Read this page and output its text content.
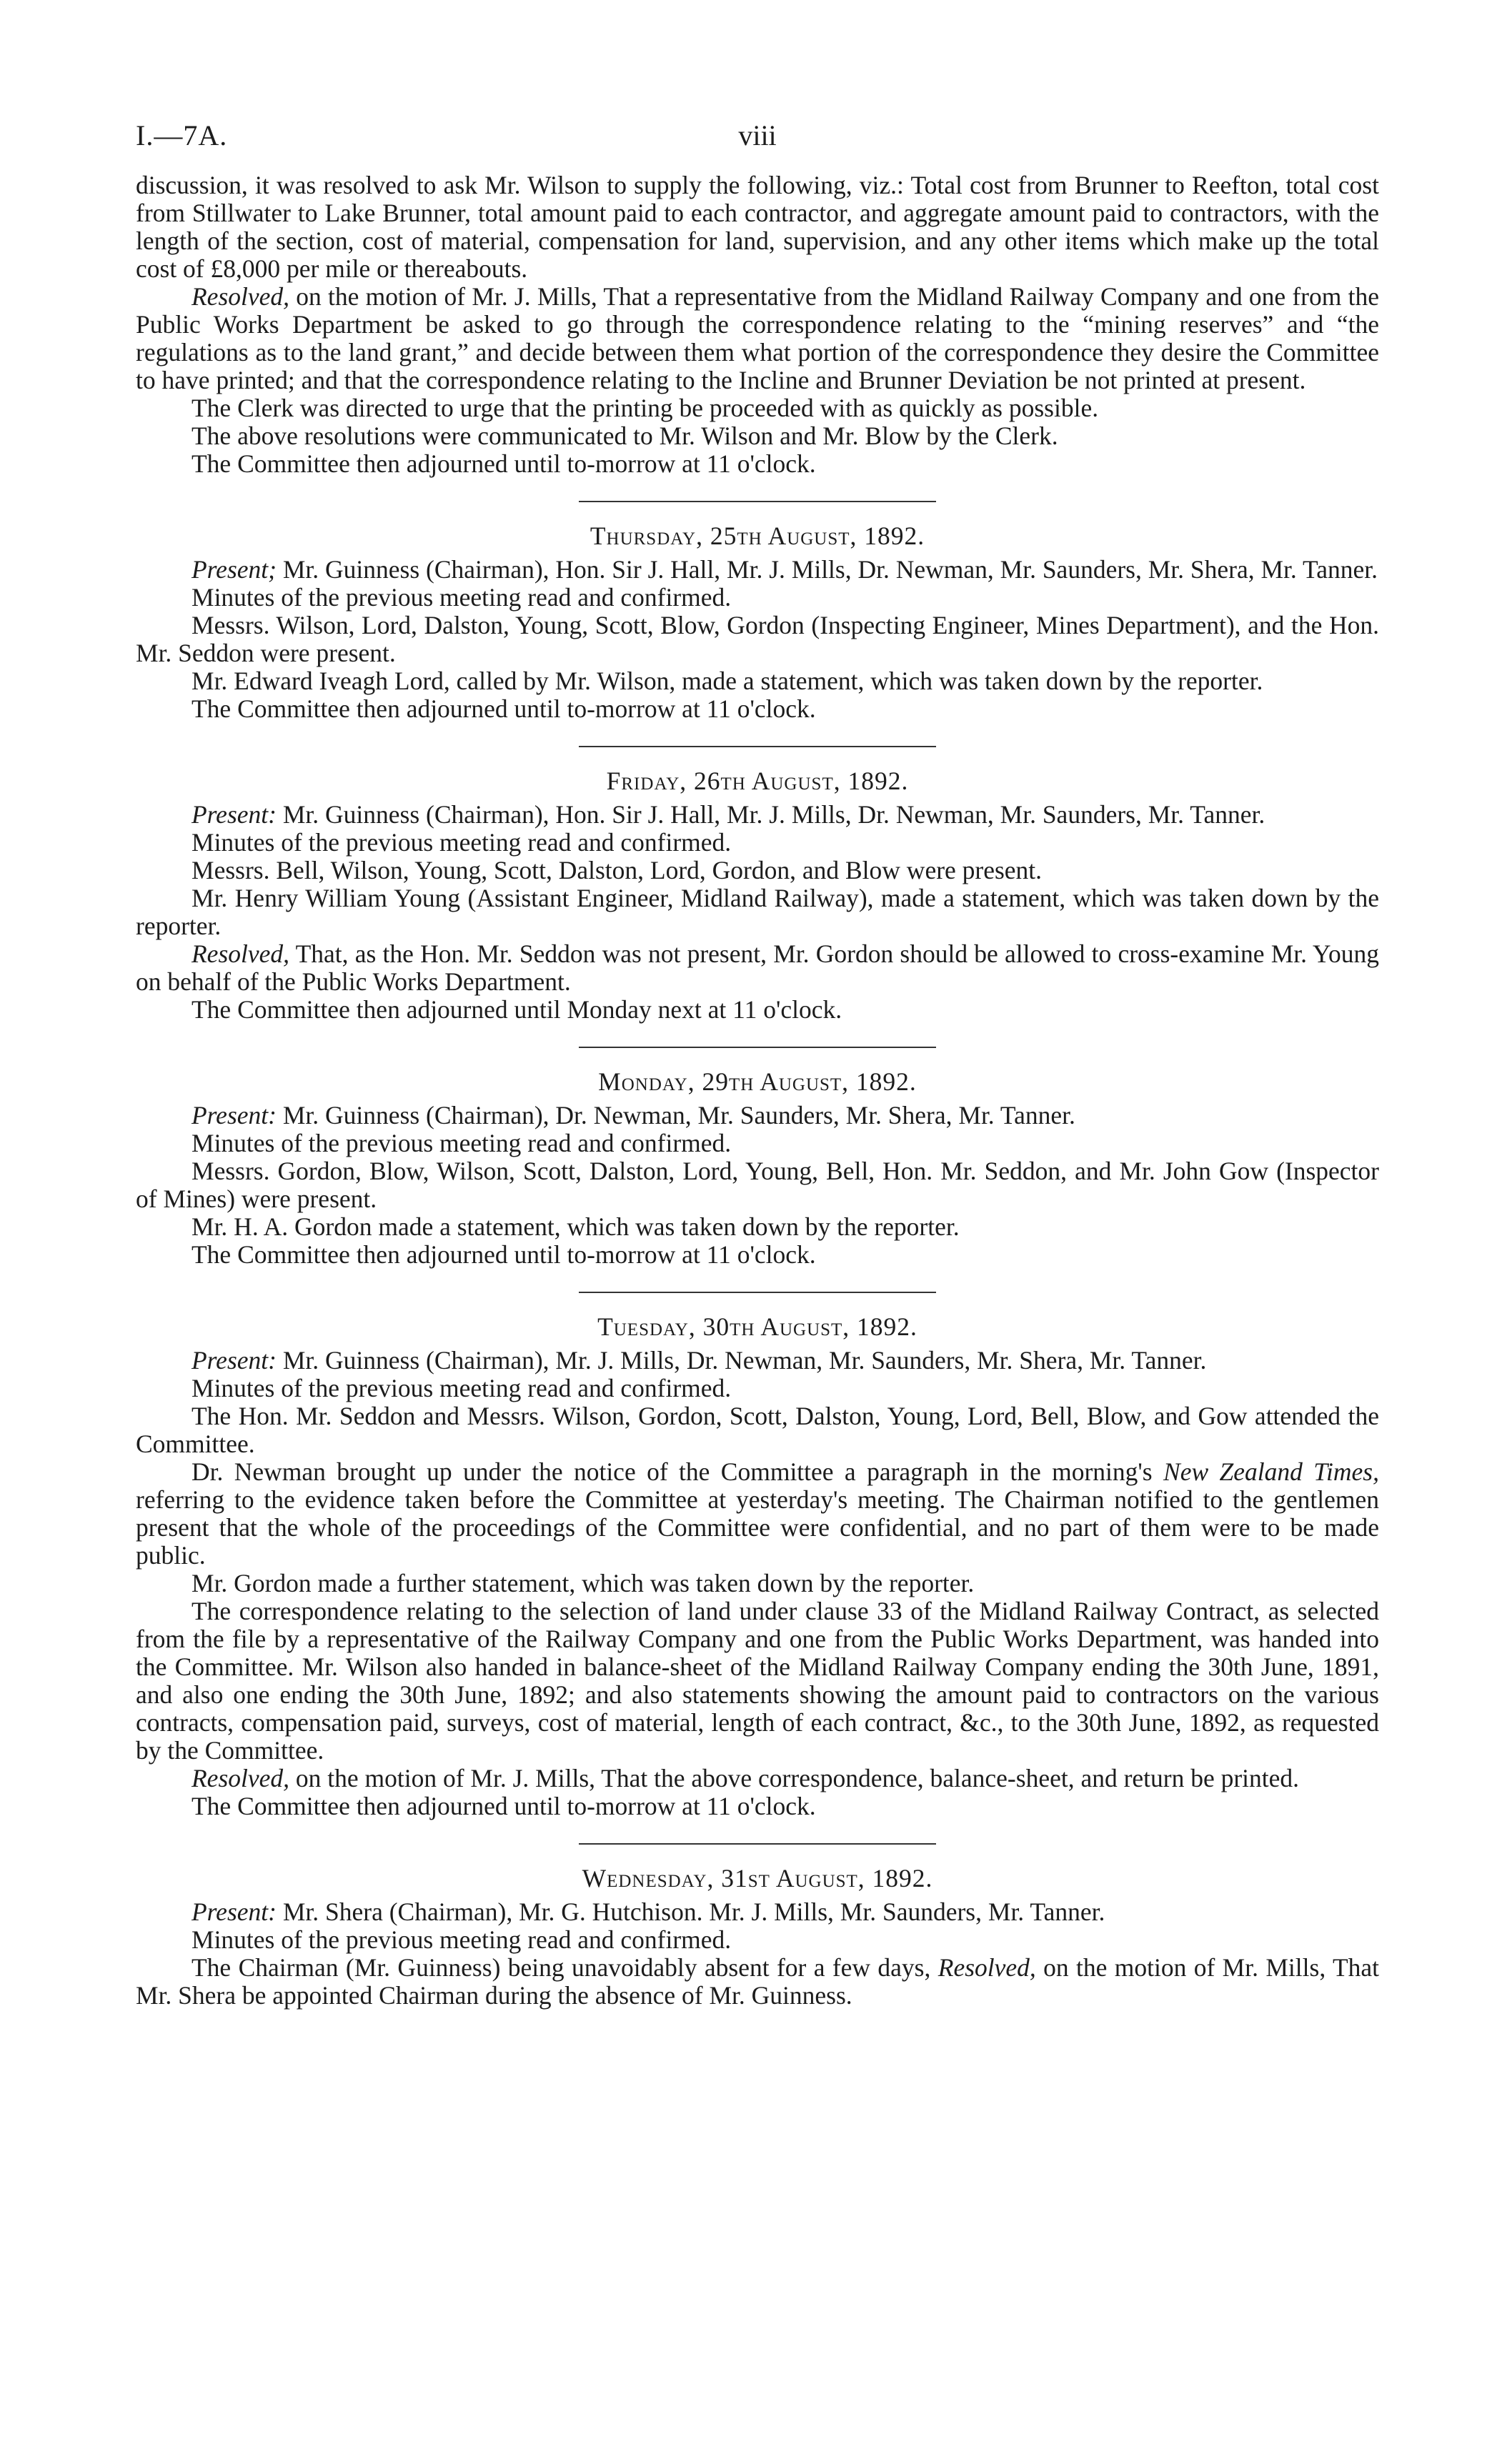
I.—7A.	viii

discussion, it was resolved to ask Mr. Wilson to supply the following, viz.: Total cost from Brunner to Reefton, total cost from Stillwater to Lake Brunner, total amount paid to each contractor, and aggregate amount paid to contractors, with the length of the section, cost of material, compensation for land, supervision, and any other items which make up the total cost of £8,000 per mile or thereabouts.

Resolved, on the motion of Mr. J. Mills, That a representative from the Midland Railway Company and one from the Public Works Department be asked to go through the correspondence relating to the “mining reserves” and “the regulations as to the land grant,” and decide between them what portion of the correspondence they desire the Committee to have printed; and that the correspondence relating to the Incline and Brunner Deviation be not printed at present.

The Clerk was directed to urge that the printing be proceeded with as quickly as possible.

The above resolutions were communicated to Mr. Wilson and Mr. Blow by the Clerk.

The Committee then adjourned until to-morrow at 11 o'clock.

Thursday, 25th August, 1892.

Present; Mr. Guinness (Chairman), Hon. Sir J. Hall, Mr. J. Mills, Dr. Newman, Mr. Saunders, Mr. Shera, Mr. Tanner.

Minutes of the previous meeting read and confirmed.

Messrs. Wilson, Lord, Dalston, Young, Scott, Blow, Gordon (Inspecting Engineer, Mines Department), and the Hon. Mr. Seddon were present.

Mr. Edward Iveagh Lord, called by Mr. Wilson, made a statement, which was taken down by the reporter.

The Committee then adjourned until to-morrow at 11 o'clock.

Friday, 26th August, 1892.

Present: Mr. Guinness (Chairman), Hon. Sir J. Hall, Mr. J. Mills, Dr. Newman, Mr. Saunders, Mr. Tanner.

Minutes of the previous meeting read and confirmed.

Messrs. Bell, Wilson, Young, Scott, Dalston, Lord, Gordon, and Blow were present.

Mr. Henry William Young (Assistant Engineer, Midland Railway), made a statement, which was taken down by the reporter.

Resolved, That, as the Hon. Mr. Seddon was not present, Mr. Gordon should be allowed to cross-examine Mr. Young on behalf of the Public Works Department.

The Committee then adjourned until Monday next at 11 o'clock.

Monday, 29th August, 1892.

Present: Mr. Guinness (Chairman), Dr. Newman, Mr. Saunders, Mr. Shera, Mr. Tanner.

Minutes of the previous meeting read and confirmed.

Messrs. Gordon, Blow, Wilson, Scott, Dalston, Lord, Young, Bell, Hon. Mr. Seddon, and Mr. John Gow (Inspector of Mines) were present.

Mr. H. A. Gordon made a statement, which was taken down by the reporter.

The Committee then adjourned until to-morrow at 11 o'clock.

Tuesday, 30th August, 1892.

Present: Mr. Guinness (Chairman), Mr. J. Mills, Dr. Newman, Mr. Saunders, Mr. Shera, Mr. Tanner.

Minutes of the previous meeting read and confirmed.

The Hon. Mr. Seddon and Messrs. Wilson, Gordon, Scott, Dalston, Young, Lord, Bell, Blow, and Gow attended the Committee.

Dr. Newman brought up under the notice of the Committee a paragraph in the morning's New Zealand Times, referring to the evidence taken before the Committee at yesterday's meeting. The Chairman notified to the gentlemen present that the whole of the proceedings of the Committee were confidential, and no part of them were to be made public.

Mr. Gordon made a further statement, which was taken down by the reporter.

The correspondence relating to the selection of land under clause 33 of the Midland Railway Contract, as selected from the file by a representative of the Railway Company and one from the Public Works Department, was handed into the Committee. Mr. Wilson also handed in balance-sheet of the Midland Railway Company ending the 30th June, 1891, and also one ending the 30th June, 1892; and also statements showing the amount paid to contractors on the various contracts, compensation paid, surveys, cost of material, length of each contract, &c., to the 30th June, 1892, as requested by the Committee.

Resolved, on the motion of Mr. J. Mills, That the above correspondence, balance-sheet, and return be printed.

The Committee then adjourned until to-morrow at 11 o'clock.

Wednesday, 31st August, 1892.

Present: Mr. Shera (Chairman), Mr. G. Hutchison. Mr. J. Mills, Mr. Saunders, Mr. Tanner.

Minutes of the previous meeting read and confirmed.

The Chairman (Mr. Guinness) being unavoidably absent for a few days, Resolved, on the motion of Mr. Mills, That Mr. Shera be appointed Chairman during the absence of Mr. Guinness.
